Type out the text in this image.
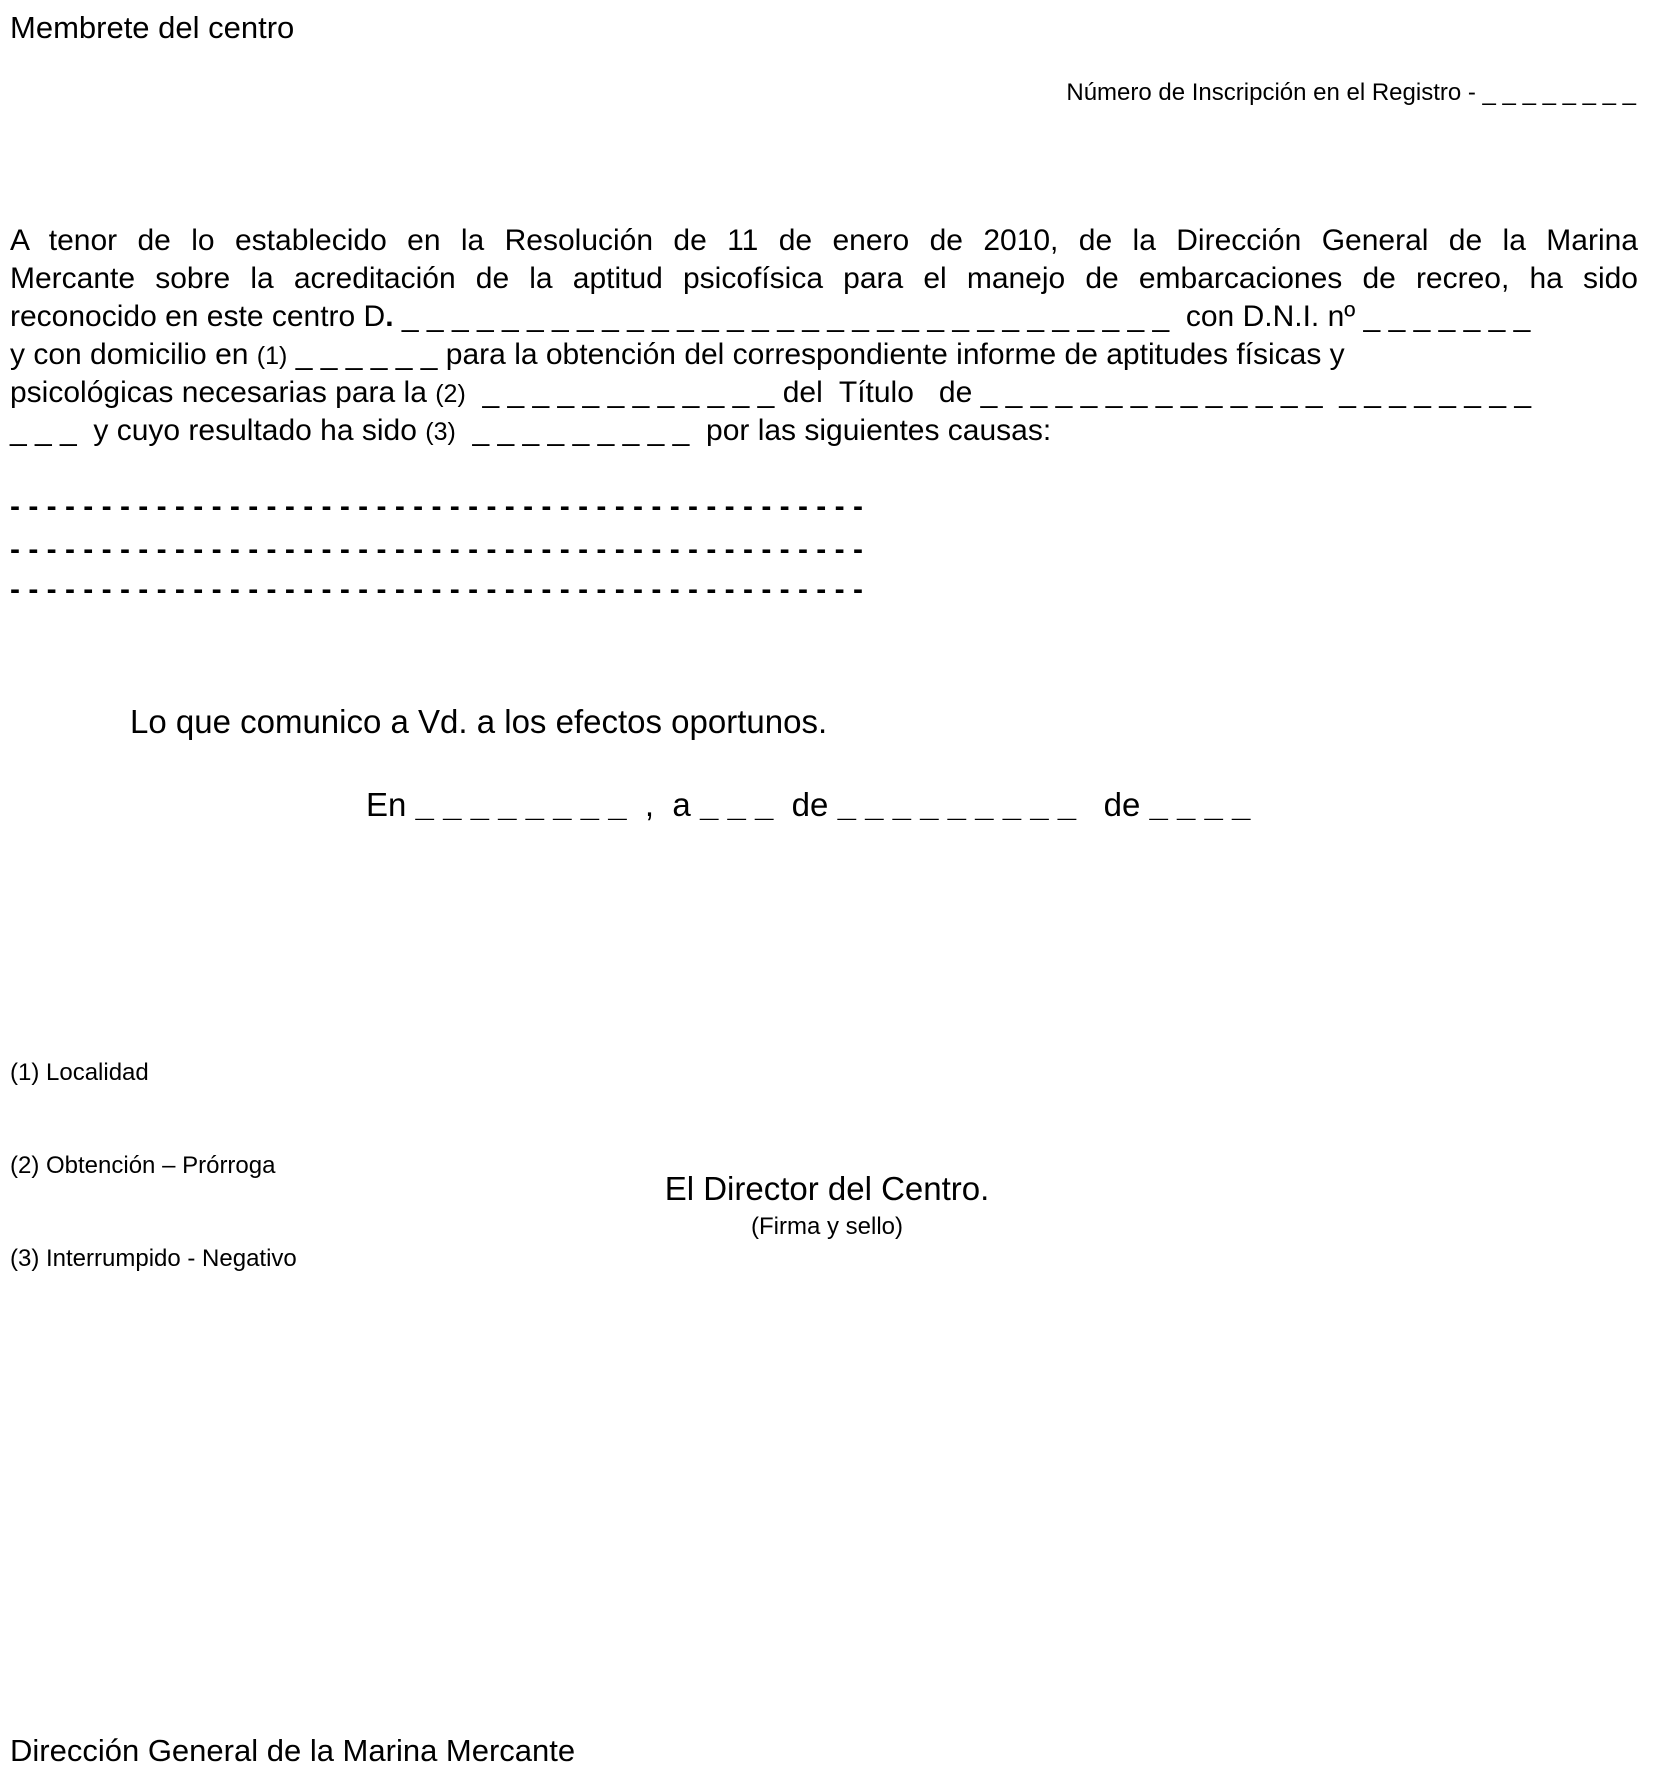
Membrete del centro
Número de Inscripción en el Registro - _ _ _ _ _ _ _ _
A tenor de lo establecido en la Resolución de 11 de enero de 2010, de la Dirección General de la Marina
Mercante sobre la acreditación de la aptitud psicofísica para el manejo de embarcaciones de recreo, ha sido
reconocido en este centro D. _ _ _ _ _ _ _ _ _ _ _ _ _ _ _ _ _ _ _ _ _ _ _ _ _ _ _ _ _ _ _  con D.N.I. nº _ _ _ _ _ _ _
y con domicilio en (1) _ _ _ _ _ _ para la obtención del correspondiente informe de aptitudes físicas y
psicológicas necesarias para la (2)  _ _ _ _ _ _ _ _ _ _ _ _ del  Título   de _ _ _ _ _ _ _ _ _ _ _ _ _ _  _ _ _ _ _ _ _ _
_ _ _  y cuyo resultado ha sido (3)  _ _ _ _ _ _ _ _ _  por las siguientes causas:
- - - - - - - - - - - - - - - - - - - - - - - - - - - - - - - - - - - - - - - - - - - - - - -
- - - - - - - - - - - - - - - - - - - - - - - - - - - - - - - - - - - - - - - - - - - - - - -
- - - - - - - - - - - - - - - - - - - - - - - - - - - - - - - - - - - - - - - - - - - - - - -
Lo que comunico a Vd. a los efectos oportunos.
En _ _ _ _ _ _ _ _  ,  a _ _ _  de _ _ _ _ _ _ _ _ _   de _ _ _ _

(1) Localidad

(2) Obtención – Prórroga

(3) Interrumpido - Negativo

El Director del Centro.
(Firma y sello)
Dirección General de la Marina Mercante
